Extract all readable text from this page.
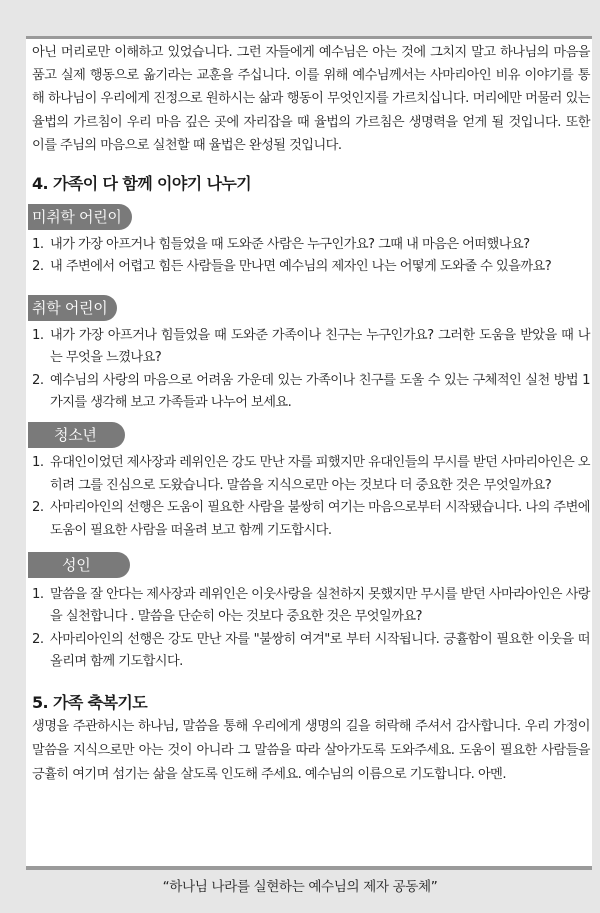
아닌 머리로만 이해하고 있었습니다. 그런 자들에게 예수님은 아는 것에 그치지 말고 하나님의 마음을 품고 실제 행동으로 옮기라는 교훈을 주십니다. 이를 위해 예수님께서는 사마리아인 비유 이야기를 통해 하나님이 우리에게 진정으로 원하시는 삶과 행동이 무엇인지를 가르치십니다. 머리에만 머물러 있는 율법의 가르침이 우리 마음 깊은 곳에 자리잡을 때 율법의 가르침은 생명력을 얻게 될 것입니다. 또한 이를 주님의 마음으로 실천할 때 율법은 완성될 것입니다.

4. 가족이 다 함께 이야기 나누기
미취학 어린이
1. 내가 가장 아프거나 힘들었을 때 도와준 사람은 누구인가요? 그때 내 마음은 어떠했나요?
2. 내 주변에서 어렵고 힘든 사람들을 만나면 예수님의 제자인 나는 어떻게 도와줄 수 있을까요?
취학 어린이
1. 내가 가장 아프거나 힘들었을 때 도와준 가족이나 친구는 누구인가요? 그러한 도움을 받았을 때 나는 무엇을 느꼈나요?
2. 예수님의 사랑의 마음으로 어려움 가운데 있는 가족이나 친구를 도울 수 있는 구체적인 실천 방법 1가지를 생각해 보고 가족들과 나누어 보세요.
청소년
1. 유대인이었던 제사장과 레위인은 강도 만난 자를 피했지만 유대인들의 무시를 받던 사마리아인은 오히려 그를 진심으로 도왔습니다. 말씀을 지식으로만 아는 것보다 더 중요한 것은 무엇일까요?
2. 사마리아인의 선행은 도움이 필요한 사람을 불쌍히 여기는 마음으로부터 시작됐습니다. 나의 주변에 도움이 필요한 사람을 떠올려 보고 함께 기도합시다.
성인
1. 말씀을 잘 안다는 제사장과 레위인은 이웃사랑을 실천하지 못했지만 무시를 받던 사마라아인은 사랑을 실천합니다 . 말씀을 단순히 아는 것보다 중요한 것은 무엇일까요?
2. 사마리아인의 선행은 강도 만난 자를 "불쌍히 여겨"로 부터 시작됩니다. 긍휼함이 필요한 이웃을 떠올리며 함께 기도합시다.
5. 가족 축복기도

생명을 주관하시는 하나님, 말씀을 통해 우리에게 생명의 길을 허락해 주셔서 감사합니다. 우리 가정이 말씀을 지식으로만 아는 것이 아니라 그 말씀을 따라 살아가도록 도와주세요. 도움이 필요한 사람들을 긍휼히 여기며 섬기는 삶을 살도록 인도해 주세요. 예수님의 이름으로 기도합니다. 아멘.

“하나님 나라를 실현하는 예수님의 제자 공동체”
